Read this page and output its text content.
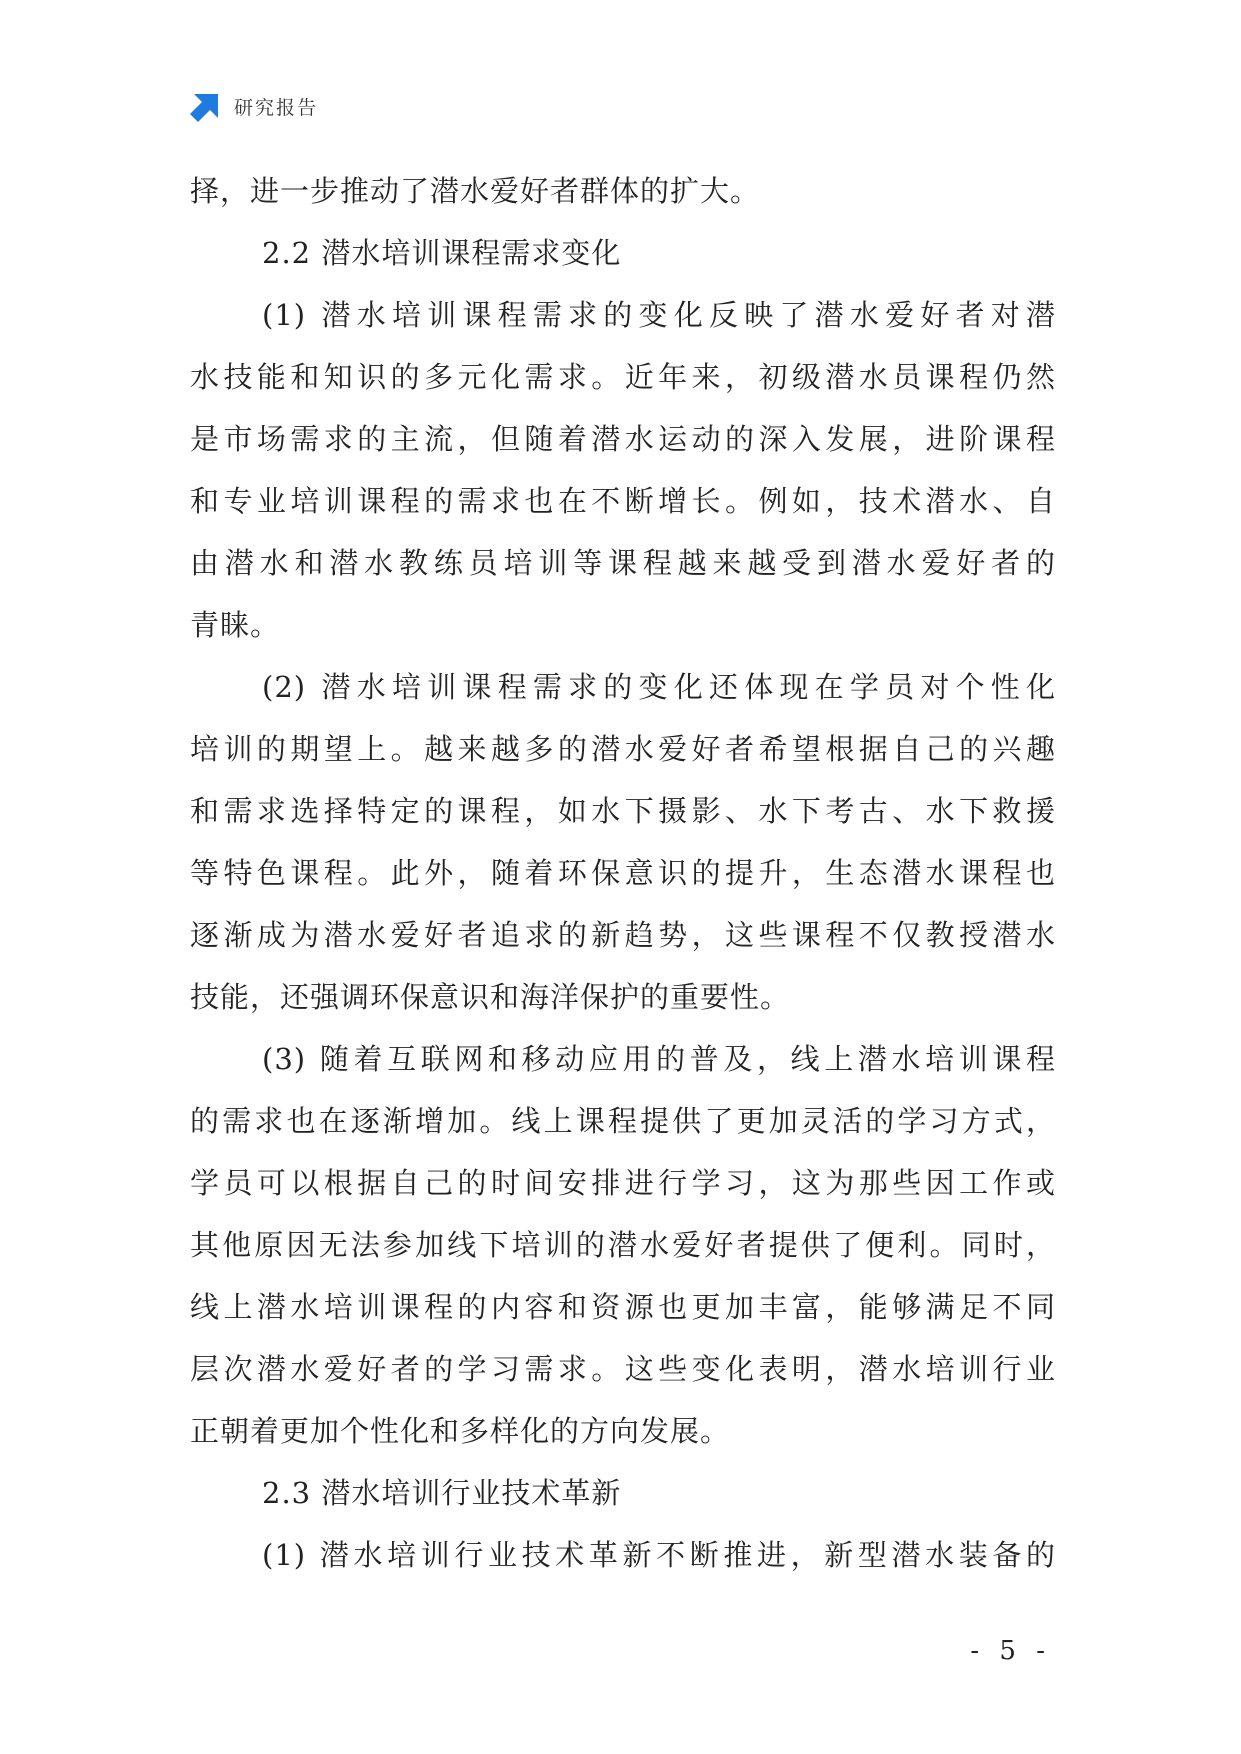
研究报告
择，进一步推动了潜水爱好者群体的扩大。
2.2 潜水培训课程需求变化
(1) 潜水培训课程需求的变化反映了潜水爱好者对潜
水技能和知识的多元化需求。近年来，初级潜水员课程仍然
是市场需求的主流，但随着潜水运动的深入发展，进阶课程
和专业培训课程的需求也在不断增长。例如，技术潜水、自
由潜水和潜水教练员培训等课程越来越受到潜水爱好者的
青睐。
(2) 潜水培训课程需求的变化还体现在学员对个性化
培训的期望上。越来越多的潜水爱好者希望根据自己的兴趣
和需求选择特定的课程，如水下摄影、水下考古、水下救援
等特色课程。此外，随着环保意识的提升，生态潜水课程也
逐渐成为潜水爱好者追求的新趋势，这些课程不仅教授潜水
技能，还强调环保意识和海洋保护的重要性。
(3) 随着互联网和移动应用的普及，线上潜水培训课程
的需求也在逐渐增加。线上课程提供了更加灵活的学习方式，
学员可以根据自己的时间安排进行学习，这为那些因工作或
其他原因无法参加线下培训的潜水爱好者提供了便利。同时，
线上潜水培训课程的内容和资源也更加丰富，能够满足不同
层次潜水爱好者的学习需求。这些变化表明，潜水培训行业
正朝着更加个性化和多样化的方向发展。
2.3 潜水培训行业技术革新
(1) 潜水培训行业技术革新不断推进，新型潜水装备的
- 5 -
